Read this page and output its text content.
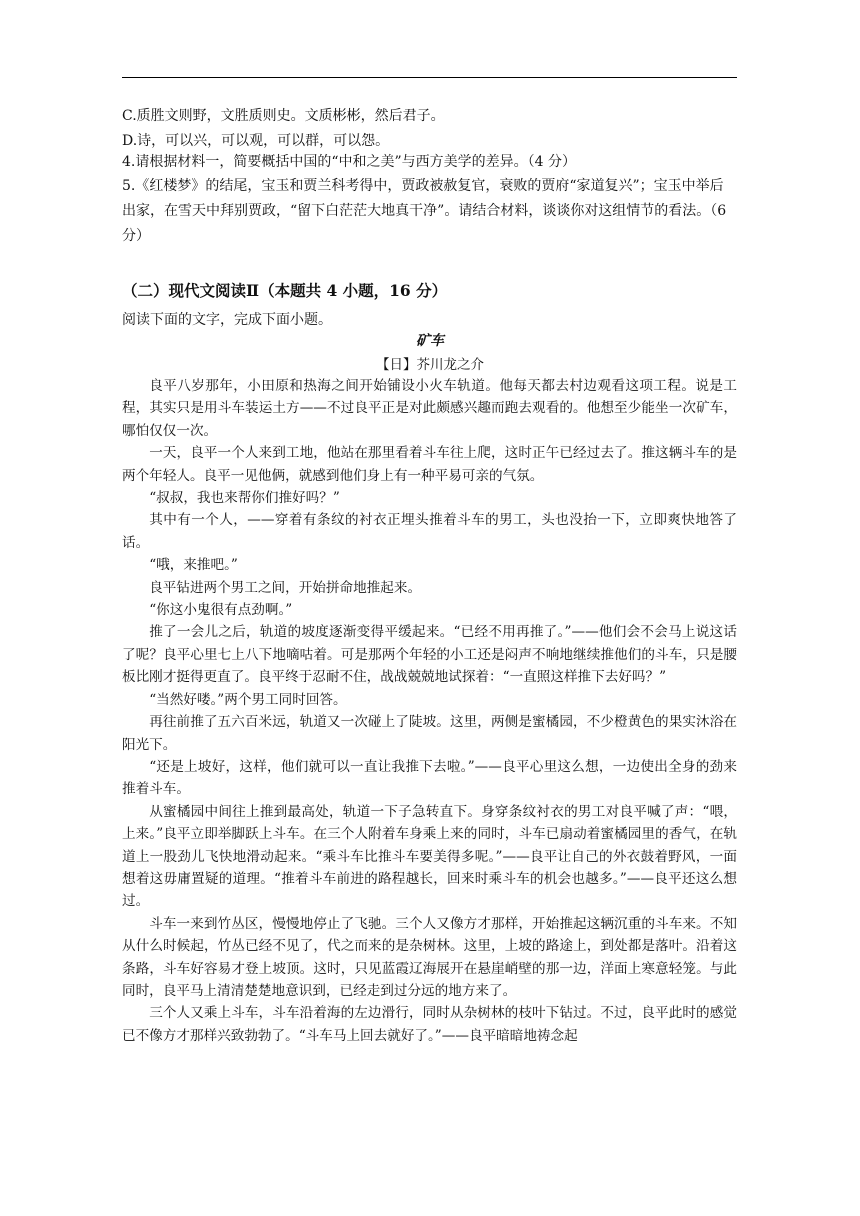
C.质胜文则野，文胜质则史。文质彬彬，然后君子。

D.诗，可以兴，可以观，可以群，可以怨。

4.请根据材料一，简要概括中国的“中和之美”与西方美学的差异。（4 分）

5.《红楼梦》的结尾，宝玉和贾兰科考得中，贾政被赦复官，衰败的贾府“家道复兴”；宝玉中举后出家，在雪天中拜别贾政，“留下白茫茫大地真干净”。请结合材料，谈谈你对这组情节的看法。（6 分）

（二）现代文阅读Ⅱ（本题共 4 小题，16 分）

阅读下面的文字，完成下面小题。

矿车

【日】芥川龙之介

良平八岁那年，小田原和热海之间开始铺设小火车轨道。他每天都去村边观看这项工程。说是工程，其实只是用斗车装运土方——不过良平正是对此颇感兴趣而跑去观看的。他想至少能坐一次矿车，哪怕仅仅一次。

一天，良平一个人来到工地，他站在那里看着斗车往上爬，这时正午已经过去了。推这辆斗车的是两个年轻人。良平一见他俩，就感到他们身上有一种平易可亲的气氛。

“叔叔，我也来帮你们推好吗？”

其中有一个人，——穿着有条纹的衬衣正埋头推着斗车的男工，头也没抬一下，立即爽快地答了话。

“哦，来推吧。”

良平钻进两个男工之间，开始拼命地推起来。

“你这小鬼很有点劲啊。”

推了一会儿之后，轨道的坡度逐渐变得平缓起来。“已经不用再推了。”——他们会不会马上说这话了呢？良平心里七上八下地嘀咕着。可是那两个年轻的小工还是闷声不响地继续推他们的斗车，只是腰板比刚才挺得更直了。良平终于忍耐不住，战战兢兢地试探着：“一直照这样推下去好吗？”

“当然好喽。”两个男工同时回答。

再往前推了五六百米远，轨道又一次碰上了陡坡。这里，两侧是蜜橘园，不少橙黄色的果实沐浴在阳光下。

“还是上坡好，这样，他们就可以一直让我推下去啦。”——良平心里这么想，一边使出全身的劲来推着斗车。

从蜜橘园中间往上推到最高处，轨道一下子急转直下。身穿条纹衬衣的男工对良平喊了声：“喂，上来。”良平立即举脚跃上斗车。在三个人附着车身乘上来的同时，斗车已扇动着蜜橘园里的香气，在轨道上一股劲儿飞快地滑动起来。“乘斗车比推斗车要美得多呢。”——良平让自己的外衣鼓着野风，一面想着这毋庸置疑的道理。“推着斗车前进的路程越长，回来时乘斗车的机会也越多。”——良平还这么想过。

斗车一来到竹丛区，慢慢地停止了飞驰。三个人又像方才那样，开始推起这辆沉重的斗车来。不知从什么时候起，竹丛已经不见了，代之而来的是杂树林。这里，上坡的路途上，到处都是落叶。沿着这条路，斗车好容易才登上坡顶。这时，只见蓝霞辽海展开在悬崖峭壁的那一边，洋面上寒意轻笼。与此同时，良平马上清清楚楚地意识到，已经走到过分远的地方来了。

三个人又乘上斗车，斗车沿着海的左边滑行，同时从杂树林的枝叶下钻过。不过，良平此时的感觉已不像方才那样兴致勃勃了。“斗车马上回去就好了。”——良平暗暗地祷念起
